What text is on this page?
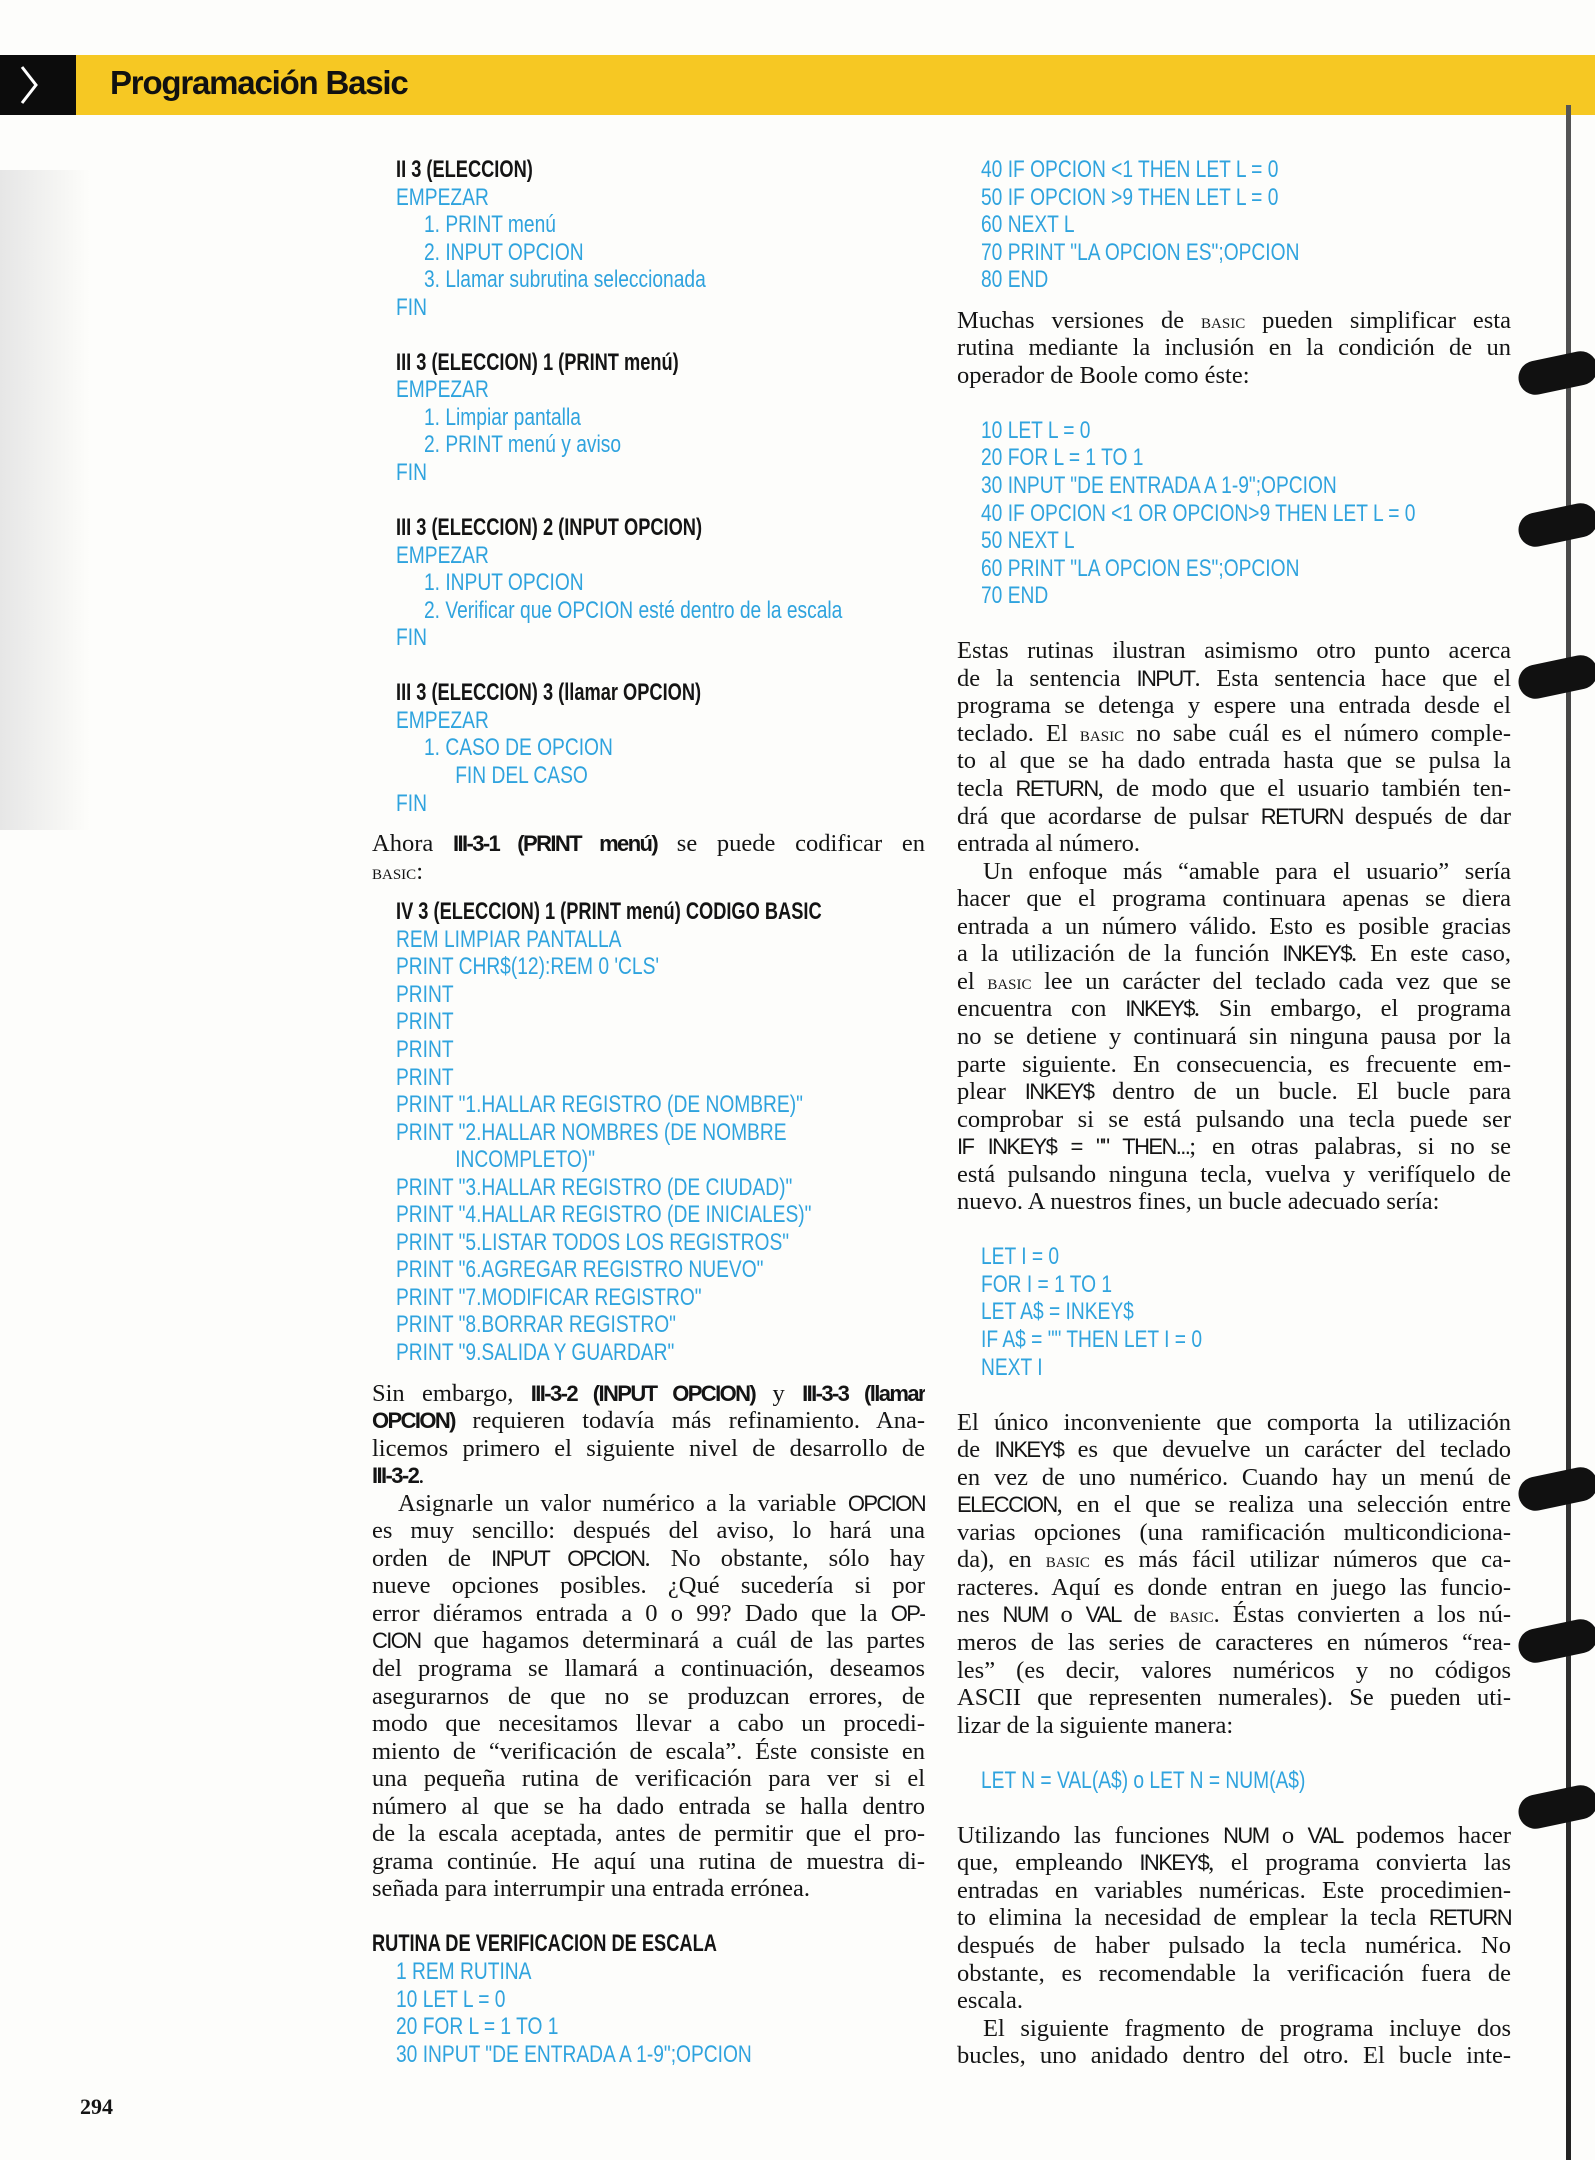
Programación Basic
II 3 (ELECCION)
EMPEZAR
1. PRINT menú
2. INPUT OPCION
3. Llamar subrutina seleccionada
FIN
III 3 (ELECCION) 1 (PRINT menú)
EMPEZAR
1. Limpiar pantalla
2. PRINT menú y aviso
FIN
III 3 (ELECCION) 2 (INPUT OPCION)
EMPEZAR
1. INPUT OPCION
2. Verificar que OPCION esté dentro de la escala
FIN
III 3 (ELECCION) 3 (llamar OPCION)
EMPEZAR
1. CASO DE OPCION
FIN DEL CASO
FIN
Ahora III-3-1 (PRINT menú) se puede codificar en
basic:
IV 3 (ELECCION) 1 (PRINT menú) CODIGO BASIC
REM LIMPIAR PANTALLA
PRINT CHR$(12):REM 0 'CLS'
PRINT
PRINT
PRINT
PRINT
PRINT "1.HALLAR REGISTRO (DE NOMBRE)"
PRINT "2.HALLAR NOMBRES (DE NOMBRE
INCOMPLETO)"
PRINT "3.HALLAR REGISTRO (DE CIUDAD)"
PRINT "4.HALLAR REGISTRO (DE INICIALES)"
PRINT "5.LISTAR TODOS LOS REGISTROS"
PRINT "6.AGREGAR REGISTRO NUEVO"
PRINT "7.MODIFICAR REGISTRO"
PRINT "8.BORRAR REGISTRO"
PRINT "9.SALIDA Y GUARDAR"
Sin embargo, III-3-2 (INPUT OPCION) y III-3-3 (llamar
OPCION) requieren todavía más refinamiento. Ana-
licemos primero el siguiente nivel de desarrollo de
III-3-2.
Asignarle un valor numérico a la variable OPCION
es muy sencillo: después del aviso, lo hará una
orden de INPUT OPCION. No obstante, sólo hay
nueve opciones posibles. ¿Qué sucedería si por
error diéramos entrada a 0 o 99? Dado que la OP-
CION que hagamos determinará a cuál de las partes
del programa se llamará a continuación, deseamos
asegurarnos de que no se produzcan errores, de
modo que necesitamos llevar a cabo un procedi-
miento de “verificación de escala”. Éste consiste en
una pequeña rutina de verificación para ver si el
número al que se ha dado entrada se halla dentro
de la escala aceptada, antes de permitir que el pro-
grama continúe. He aquí una rutina de muestra di-
señada para interrumpir una entrada errónea.
RUTINA DE VERIFICACION DE ESCALA
1 REM RUTINA
10 LET L = 0
20 FOR L = 1 TO 1
30 INPUT "DE ENTRADA A 1-9";OPCION
40 IF OPCION <1 THEN LET L = 0
50 IF OPCION >9 THEN LET L = 0
60 NEXT L
70 PRINT "LA OPCION ES";OPCION
80 END
Muchas versiones de basic pueden simplificar esta
rutina mediante la inclusión en la condición de un
operador de Boole como éste:
10 LET L = 0
20 FOR L = 1 TO 1
30 INPUT "DE ENTRADA A 1-9";OPCION
40 IF OPCION <1 OR OPCION>9 THEN LET L = 0
50 NEXT L
60 PRINT "LA OPCION ES";OPCION
70 END
Estas rutinas ilustran asimismo otro punto acerca
de la sentencia INPUT. Esta sentencia hace que el
programa se detenga y espere una entrada desde el
teclado. El basic no sabe cuál es el número comple-
to al que se ha dado entrada hasta que se pulsa la
tecla RETURN, de modo que el usuario también ten-
drá que acordarse de pulsar RETURN después de dar
entrada al número.
Un enfoque más “amable para el usuario” sería
hacer que el programa continuara apenas se diera
entrada a un número válido. Esto es posible gracias
a la utilización de la función INKEY$. En este caso,
el basic lee un carácter del teclado cada vez que se
encuentra con INKEY$. Sin embargo, el programa
no se detiene y continuará sin ninguna pausa por la
parte siguiente. En consecuencia, es frecuente em-
plear INKEY$ dentro de un bucle. El bucle para
comprobar si se está pulsando una tecla puede ser
IF INKEY$ = "" THEN...; en otras palabras, si no se
está pulsando ninguna tecla, vuelva y verifíquelo de
nuevo. A nuestros fines, un bucle adecuado sería:
LET I = 0
FOR I = 1 TO 1
LET A$ = INKEY$
IF A$ = "" THEN LET I = 0
NEXT I
El único inconveniente que comporta la utilización
de INKEY$ es que devuelve un carácter del teclado
en vez de uno numérico. Cuando hay un menú de
ELECCION, en el que se realiza una selección entre
varias opciones (una ramificación multicondiciona-
da), en basic es más fácil utilizar números que ca-
racteres. Aquí es donde entran en juego las funcio-
nes NUM o VAL de basic. Éstas convierten a los nú-
meros de las series de caracteres en números “rea-
les” (es decir, valores numéricos y no códigos
ASCII que representen numerales). Se pueden uti-
lizar de la siguiente manera:
LET N = VAL(A$) o LET N = NUM(A$)
Utilizando las funciones NUM o VAL podemos hacer
que, empleando INKEY$, el programa convierta las
entradas en variables numéricas. Este procedimien-
to elimina la necesidad de emplear la tecla RETURN
después de haber pulsado la tecla numérica. No
obstante, es recomendable la verificación fuera de
escala.
El siguiente fragmento de programa incluye dos
bucles, uno anidado dentro del otro. El bucle inte-
294
